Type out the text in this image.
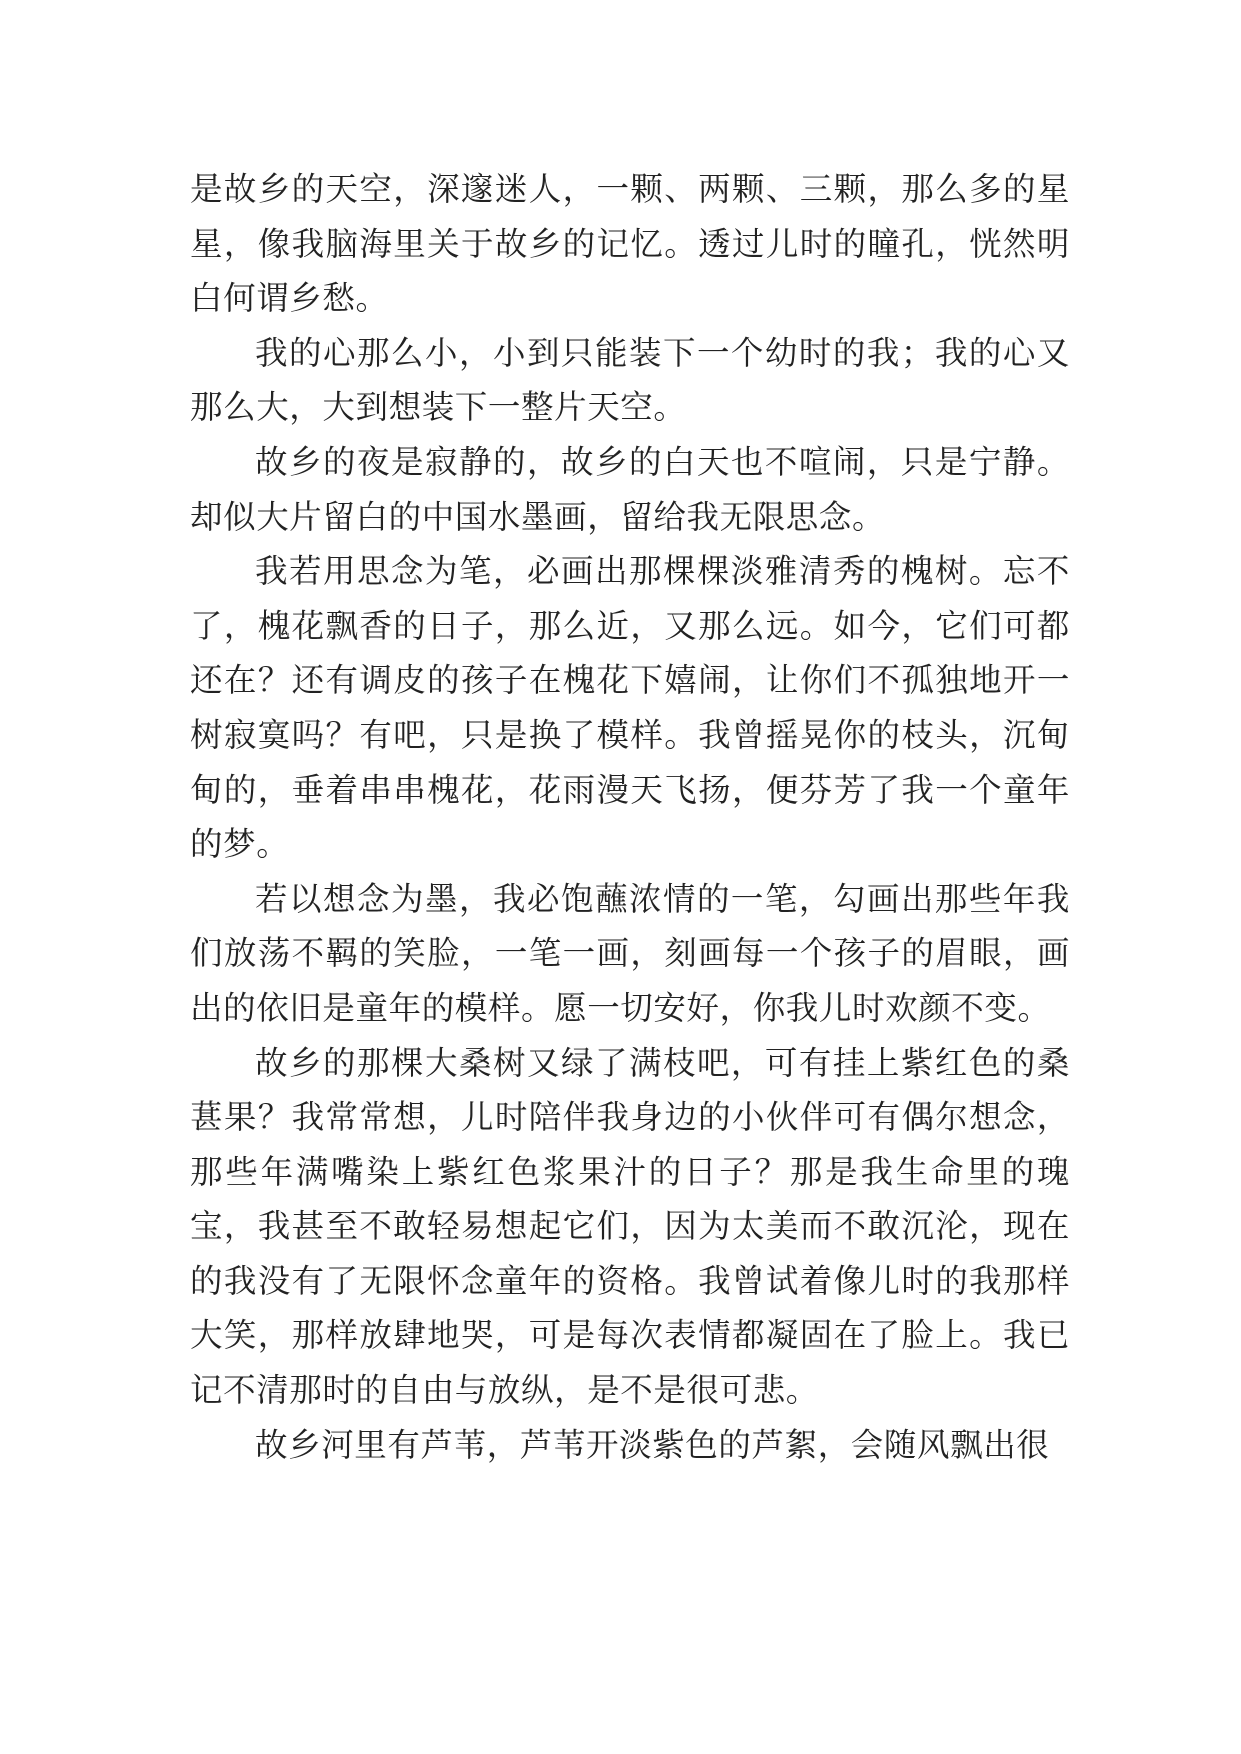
是故乡的天空，深邃迷人，一颗、两颗、三颗，那么多的星星，像我脑海里关于故乡的记忆。透过儿时的瞳孔，恍然明白何谓乡愁。

我的心那么小，小到只能装下一个幼时的我；我的心又那么大，大到想装下一整片天空。

故乡的夜是寂静的，故乡的白天也不喧闹，只是宁静。却似大片留白的中国水墨画，留给我无限思念。

我若用思念为笔，必画出那棵棵淡雅清秀的槐树。忘不了，槐花飘香的日子，那么近，又那么远。如今，它们可都还在？还有调皮的孩子在槐花下嬉闹，让你们不孤独地开一树寂寞吗？有吧，只是换了模样。我曾摇晃你的枝头，沉甸甸的，垂着串串槐花，花雨漫天飞扬，便芬芳了我一个童年的梦。

若以想念为墨，我必饱蘸浓情的一笔，勾画出那些年我们放荡不羁的笑脸，一笔一画，刻画每一个孩子的眉眼，画出的依旧是童年的模样。愿一切安好，你我儿时欢颜不变。

故乡的那棵大桑树又绿了满枝吧，可有挂上紫红色的桑葚果？我常常想，儿时陪伴我身边的小伙伴可有偶尔想念，那些年满嘴染上紫红色浆果汁的日子？那是我生命里的瑰宝，我甚至不敢轻易想起它们，因为太美而不敢沉沦，现在的我没有了无限怀念童年的资格。我曾试着像儿时的我那样大笑，那样放肆地哭，可是每次表情都凝固在了脸上。我已记不清那时的自由与放纵，是不是很可悲。

故乡河里有芦苇，芦苇开淡紫色的芦絮，会随风飘出很
